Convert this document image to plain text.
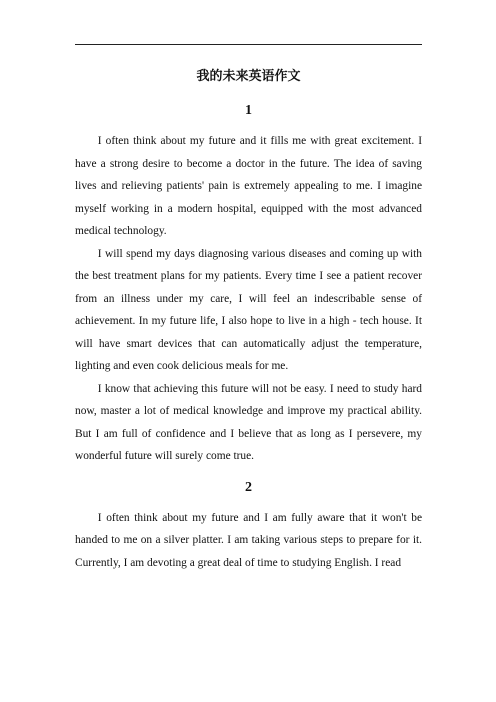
我的未来英语作文
1

I often think about my future and it fills me with great excitement. I have a strong desire to become a doctor in the future. The idea of saving lives and relieving patients' pain is extremely appealing to me. I imagine myself working in a modern hospital, equipped with the most advanced medical technology.

I will spend my days diagnosing various diseases and coming up with the best treatment plans for my patients. Every time I see a patient recover from an illness under my care, I will feel an indescribable sense of achievement. In my future life, I also hope to live in a high - tech house. It will have smart devices that can automatically adjust the temperature, lighting and even cook delicious meals for me.

I know that achieving this future will not be easy. I need to study hard now, master a lot of medical knowledge and improve my practical ability. But I am full of confidence and I believe that as long as I persevere, my wonderful future will surely come true.

2

I often think about my future and I am fully aware that it won't be handed to me on a silver platter. I am taking various steps to prepare for it. Currently, I am devoting a great deal of time to studying English. I read
